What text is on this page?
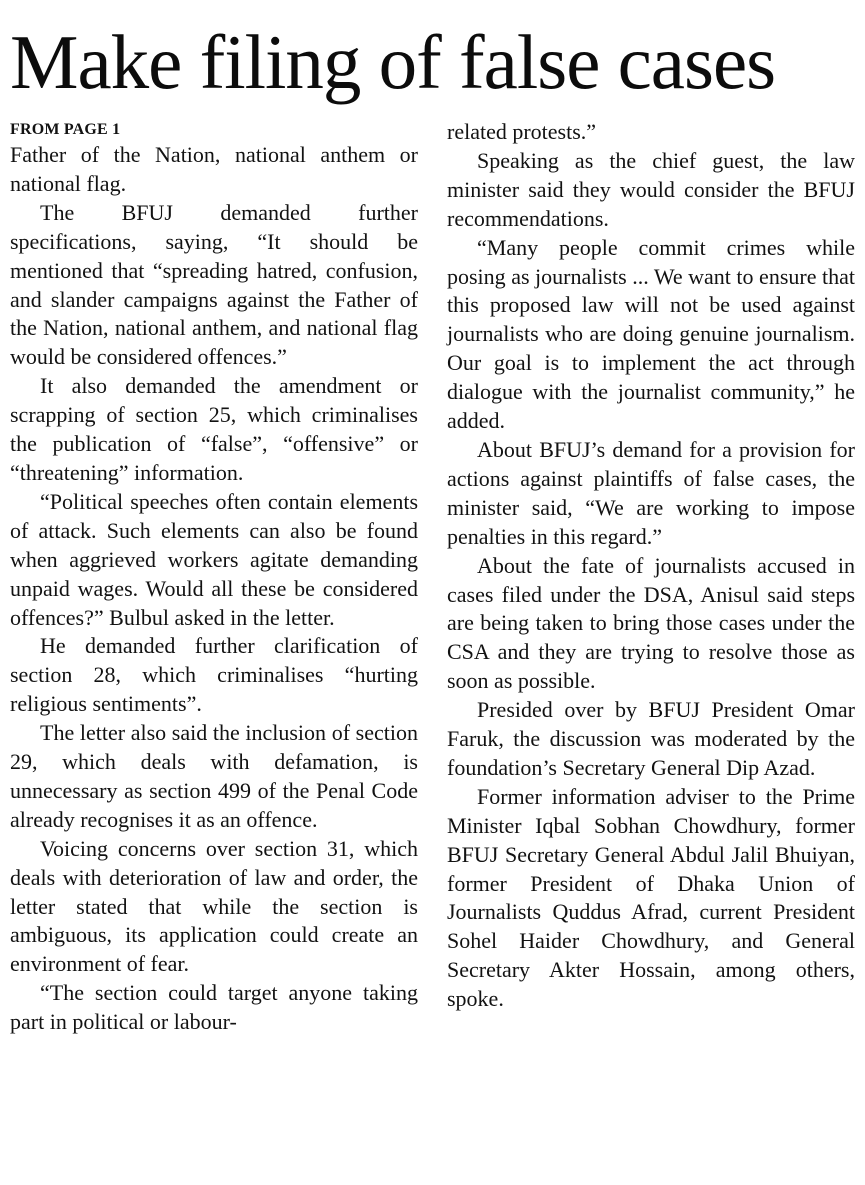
Make filing of false cases
FROM PAGE 1

Father of the Nation, national anthem or national flag.

The BFUJ demanded further specifications, saying, “It should be mentioned that “spreading hatred, confusion, and slander campaigns against the Father of the Nation, national anthem, and national flag would be considered offences.”

It also demanded the amendment or scrapping of section 25, which criminalises the publication of “false”, “offensive” or “threatening” information.

“Political speeches often contain elements of attack. Such elements can also be found when aggrieved workers agitate demanding unpaid wages. Would all these be considered offences?” Bulbul asked in the letter.

He demanded further clarification of section 28, which criminalises “hurting religious sentiments”.

The letter also said the inclusion of section 29, which deals with defamation, is unnecessary as section 499 of the Penal Code already recognises it as an offence.

Voicing concerns over section 31, which deals with deterioration of law and order, the letter stated that while the section is ambiguous, its application could create an environment of fear.

“The section could target anyone taking part in political or labour-

related protests.”

Speaking as the chief guest, the law minister said they would consider the BFUJ recommendations.

“Many people commit crimes while posing as journalists ... We want to ensure that this proposed law will not be used against journalists who are doing genuine journalism. Our goal is to implement the act through dialogue with the journalist community,” he added.

About BFUJ’s demand for a provision for actions against plaintiffs of false cases, the minister said, “We are working to impose penalties in this regard.”

About the fate of journalists accused in cases filed under the DSA, Anisul said steps are being taken to bring those cases under the CSA and they are trying to resolve those as soon as possible.

Presided over by BFUJ President Omar Faruk, the discussion was moderated by the foundation’s Secretary General Dip Azad.

Former information adviser to the Prime Minister Iqbal Sobhan Chowdhury, former BFUJ Secretary General Abdul Jalil Bhuiyan, former President of Dhaka Union of Journalists Quddus Afrad, current President Sohel Haider Chowdhury, and General Secretary Akter Hossain, among others, spoke.
